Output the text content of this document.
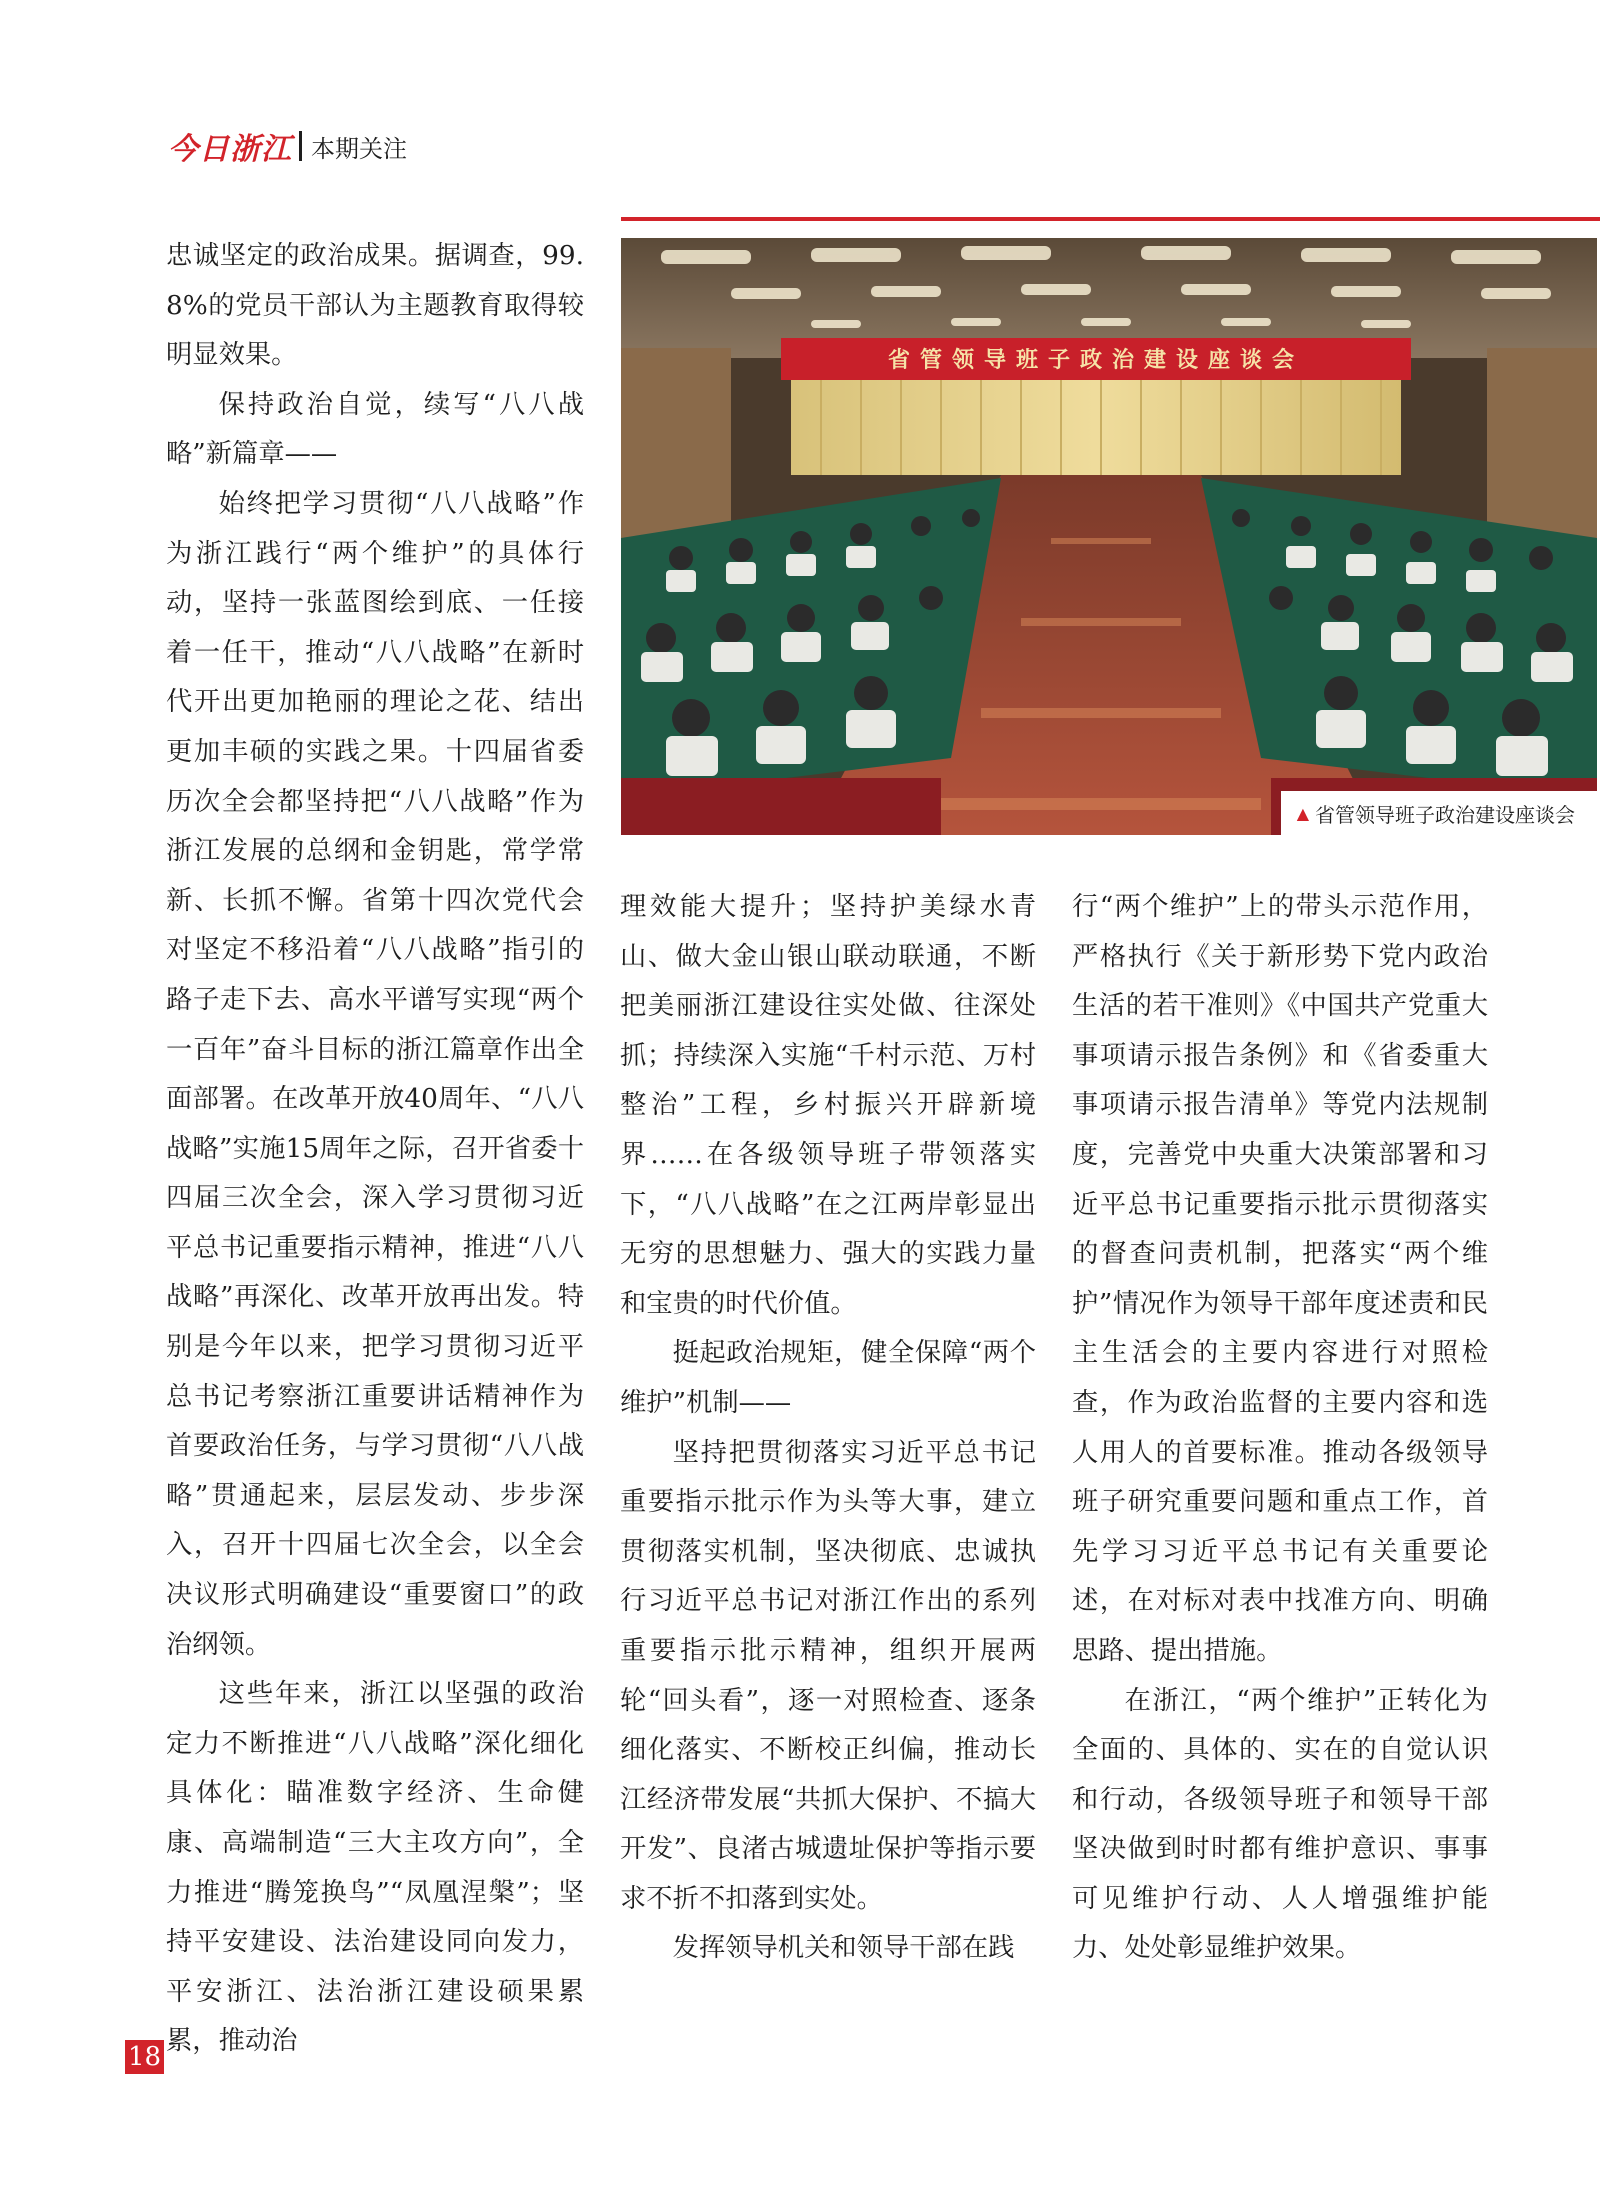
今日浙江 本期关注
省管领导班子政治建设座谈会
▲ 省管领导班子政治建设座谈会

忠诚坚定的政治成果。据调查，99.8%的党员干部认为主题教育取得较明显效果。

保持政治自觉，续写“八八战略”新篇章——

始终把学习贯彻“八八战略”作为浙江践行“两个维护”的具体行动，坚持一张蓝图绘到底、一任接着一任干，推动“八八战略”在新时代开出更加艳丽的理论之花、结出更加丰硕的实践之果。十四届省委历次全会都坚持把“八八战略”作为浙江发展的总纲和金钥匙，常学常新、长抓不懈。省第十四次党代会对坚定不移沿着“八八战略”指引的路子走下去、高水平谱写实现“两个一百年”奋斗目标的浙江篇章作出全面部署。在改革开放40周年、“八八战略”实施15周年之际，召开省委十四届三次全会，深入学习贯彻习近平总书记重要指示精神，推进“八八战略”再深化、改革开放再出发。特别是今年以来，把学习贯彻习近平总书记考察浙江重要讲话精神作为首要政治任务，与学习贯彻“八八战略”贯通起来，层层发动、步步深入，召开十四届七次全会，以全会决议形式明确建设“重要窗口”的政治纲领。

这些年来，浙江以坚强的政治定力不断推进“八八战略”深化细化具体化：瞄准数字经济、生命健康、高端制造“三大主攻方向”，全力推进“腾笼换鸟”“凤凰涅槃”；坚持平安建设、法治建设同向发力，平安浙江、法治浙江建设硕果累累，推动治

理效能大提升；坚持护美绿水青山、做大金山银山联动联通，不断把美丽浙江建设往实处做、往深处抓；持续深入实施“千村示范、万村整治”工程，乡村振兴开辟新境界……在各级领导班子带领落实下，“八八战略”在之江两岸彰显出无穷的思想魅力、强大的实践力量和宝贵的时代价值。

挺起政治规矩，健全保障“两个维护”机制——

坚持把贯彻落实习近平总书记重要指示批示作为头等大事，建立贯彻落实机制，坚决彻底、忠诚执行习近平总书记对浙江作出的系列重要指示批示精神，组织开展两轮“回头看”，逐一对照检查、逐条细化落实、不断校正纠偏，推动长江经济带发展“共抓大保护、不搞大开发”、良渚古城遗址保护等指示要求不折不扣落到实处。

发挥领导机关和领导干部在践

行“两个维护”上的带头示范作用，严格执行《关于新形势下党内政治生活的若干准则》《中国共产党重大事项请示报告条例》和《省委重大事项请示报告清单》等党内法规制度，完善党中央重大决策部署和习近平总书记重要指示批示贯彻落实的督查问责机制，把落实“两个维护”情况作为领导干部年度述责和民主生活会的主要内容进行对照检查，作为政治监督的主要内容和选人用人的首要标准。推动各级领导班子研究重要问题和重点工作，首先学习习近平总书记有关重要论述，在对标对表中找准方向、明确思路、提出措施。

在浙江，“两个维护”正转化为全面的、具体的、实在的自觉认识和行动，各级领导班子和领导干部坚决做到时时都有维护意识、事事可见维护行动、人人增强维护能力、处处彰显维护效果。

18
